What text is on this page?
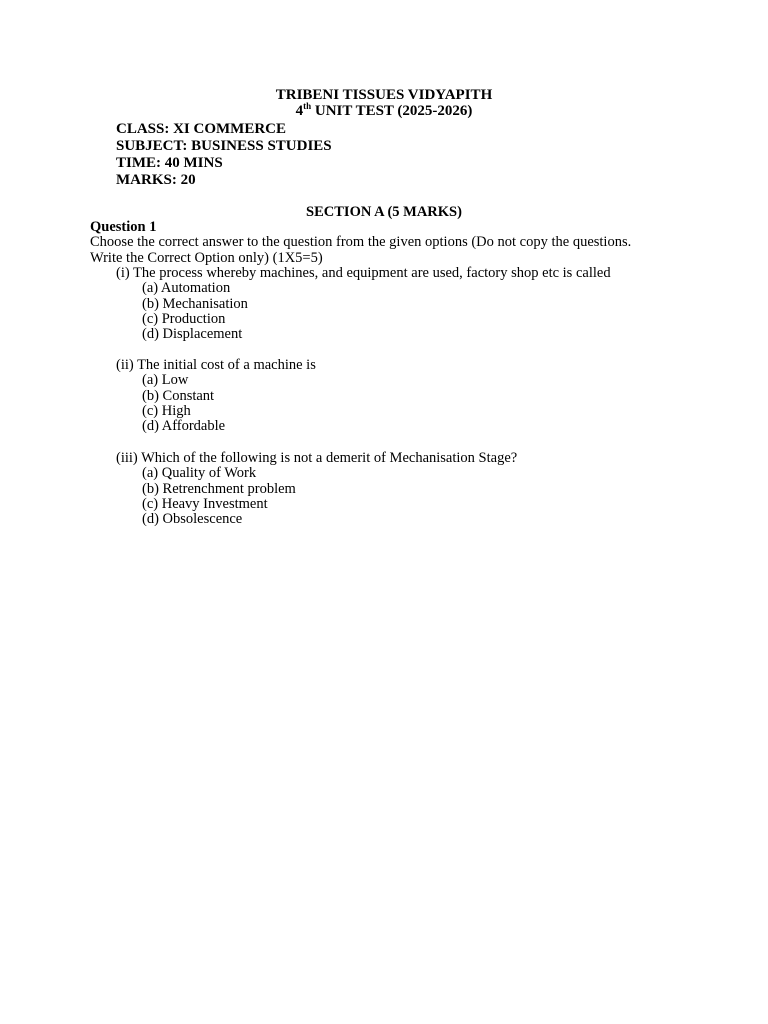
TRIBENI TISSUES VIDYAPITH
4th UNIT TEST (2025-2026)
CLASS: XI COMMERCE
SUBJECT: BUSINESS STUDIES
TIME: 40 MINS
MARKS: 20
SECTION A (5 MARKS)
Question 1
Choose the correct answer to the question from the given options (Do not copy the questions.
Write the Correct Option only) (1X5=5)
(i) The process whereby machines, and equipment are used, factory shop etc is called
(a) Automation
(b) Mechanisation
(c) Production
(d) Displacement
(ii) The initial cost of a machine is
(a) Low
(b) Constant
(c) High
(d) Affordable
(iii) Which of the following is not a demerit of Mechanisation Stage?
(a) Quality of Work
(b) Retrenchment problem
(c) Heavy Investment
(d) Obsolescence
